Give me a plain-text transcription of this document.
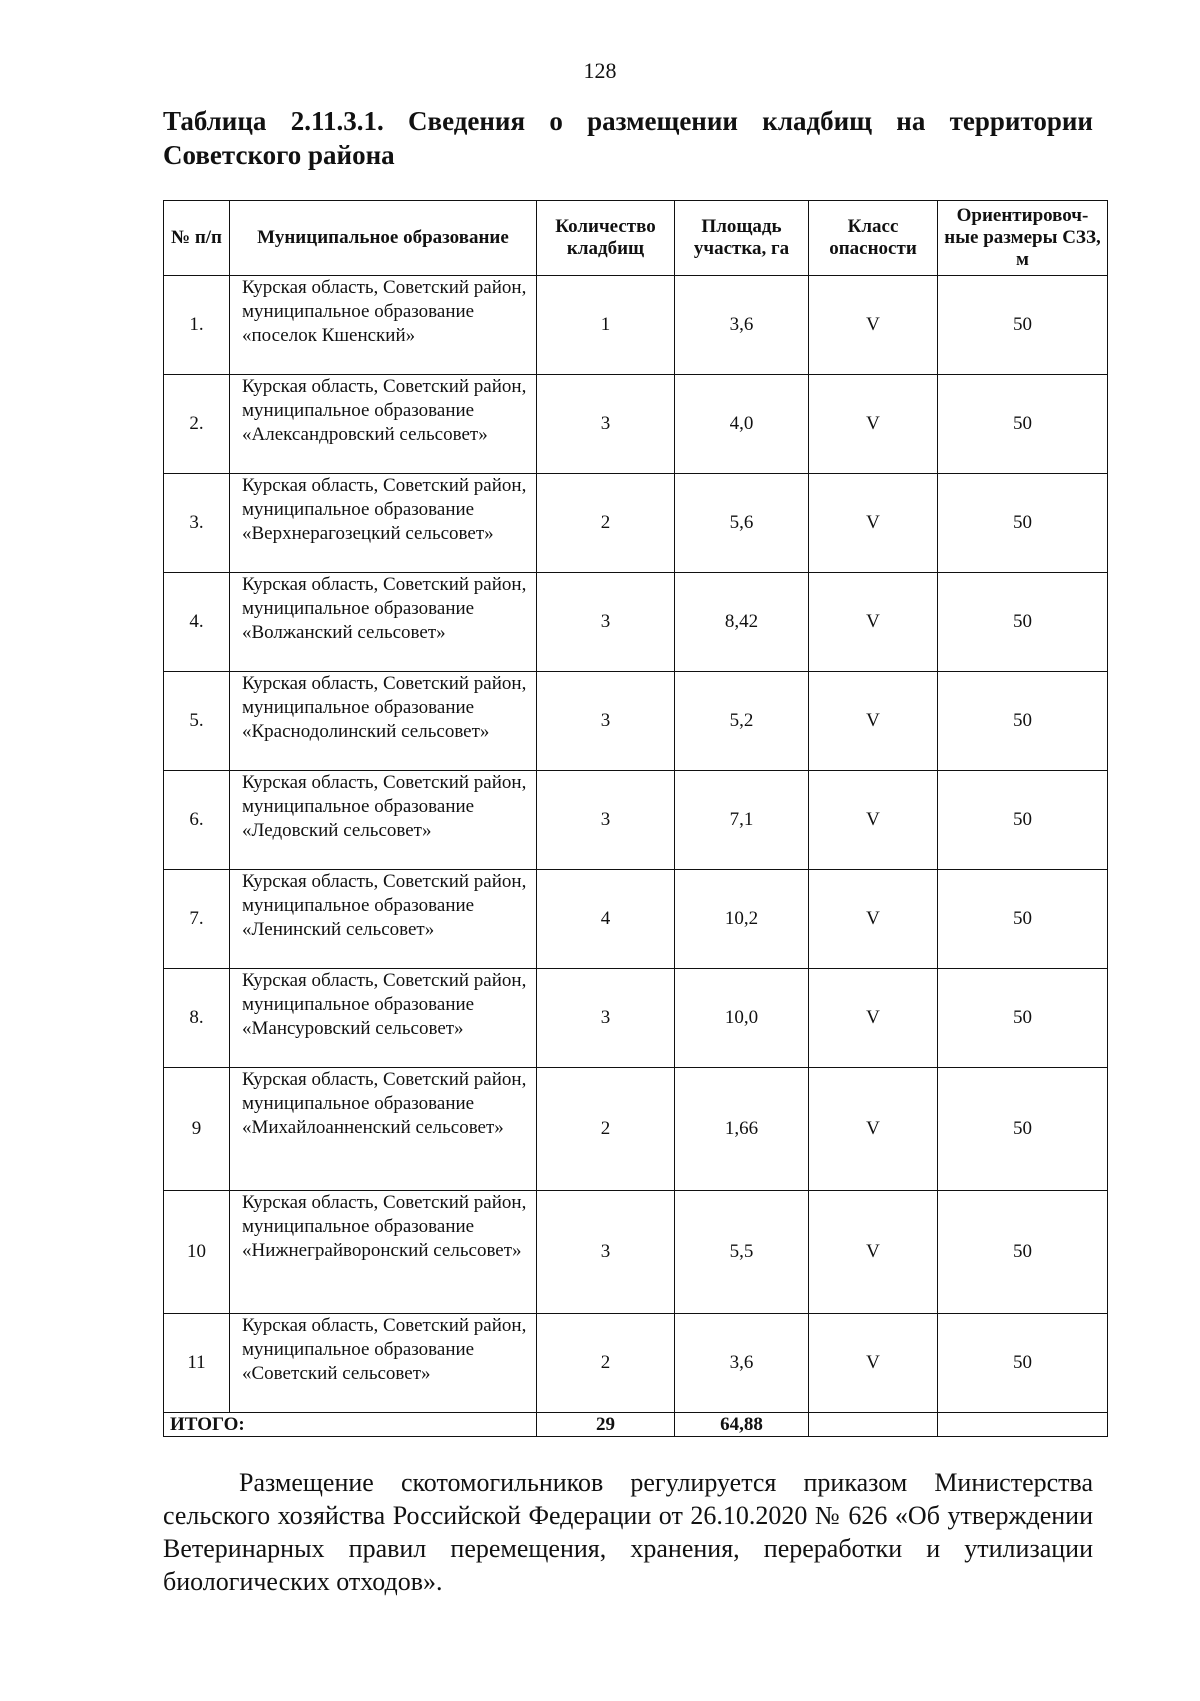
128
Таблица 2.11.3.1. Сведения о размещении кладбищ на территории Советского района
№ п/п	Муниципальное образование	Количество кладбищ	Площадь участка, га	Класс опасности	Ориентировоч-ные размеры СЗЗ, м
1.	Курская область, Советский район, муниципальное образование «поселок Кшенский»	1	3,6	V	50
2.	Курская область, Советский район, муниципальное образование «Александровский сельсовет»	3	4,0	V	50
3.	Курская область, Советский район, муниципальное образование «Верхнерагозецкий сельсовет»	2	5,6	V	50
4.	Курская область, Советский район, муниципальное образование «Волжанский сельсовет»	3	8,42	V	50
5.	Курская область, Советский район, муниципальное образование «Краснодолинский сельсовет»	3	5,2	V	50
6.	Курская область, Советский район, муниципальное образование «Ледовский сельсовет»	3	7,1	V	50
7.	Курская область, Советский район, муниципальное образование «Ленинский сельсовет»	4	10,2	V	50
8.	Курская область, Советский район, муниципальное образование «Мансуровский сельсовет»	3	10,0	V	50
9	Курская область, Советский район, муниципальное образование «Михайлоанненский сельсовет»	2	1,66	V	50
10	Курская область, Советский район, муниципальное образование «Нижнеграйворонский сельсовет»	3	5,5	V	50
11	Курская область, Советский район, муниципальное образование «Советский сельсовет»	2	3,6	V	50
ИТОГО:		29	64,88		
Размещение скотомогильников регулируется приказом Министерства сельского хозяйства Российской Федерации от 26.10.2020 № 626 «Об утверждении Ветеринарных правил перемещения, хранения, переработки и утилизации биологических отходов».
